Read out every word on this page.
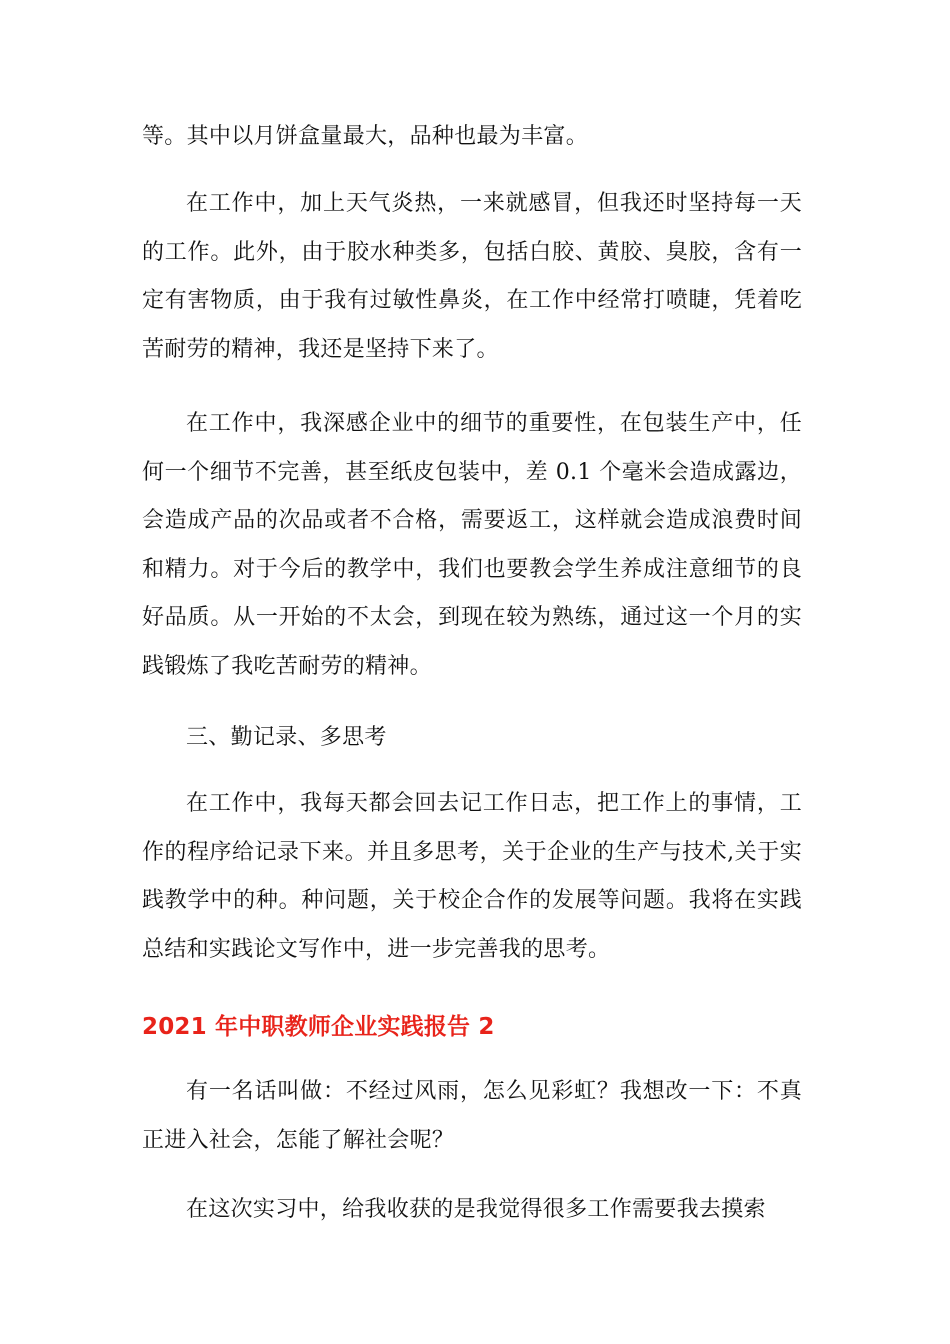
等。其中以月饼盒量最大，品种也最为丰富。

在工作中，加上天气炎热，一来就感冒，但我还时坚持每一天的工作。此外，由于胶水种类多，包括白胶、黄胶、臭胶，含有一定有害物质，由于我有过敏性鼻炎，在工作中经常打喷睫，凭着吃苦耐劳的精神，我还是坚持下来了。

在工作中，我深感企业中的细节的重要性，在包装生产中，任何一个细节不完善，甚至纸皮包装中，差 0.1 个毫米会造成露边，会造成产品的次品或者不合格，需要返工，这样就会造成浪费时间和精力。对于今后的教学中，我们也要教会学生养成注意细节的良好品质。从一开始的不太会，到现在较为熟练，通过这一个月的实践锻炼了我吃苦耐劳的精神。

三、勤记录、多思考

在工作中，我每天都会回去记工作日志，把工作上的事情，工作的程序给记录下来。并且多思考，关于企业的生产与技术,关于实践教学中的种。种问题，关于校企合作的发展等问题。我将在实践总结和实践论文写作中，进一步完善我的思考。

2021 年中职教师企业实践报告 2

有一名话叫做：不经过风雨，怎么见彩虹？我想改一下：不真正进入社会，怎能了解社会呢？

在这次实习中，给我收获的是我觉得很多工作需要我去摸索
